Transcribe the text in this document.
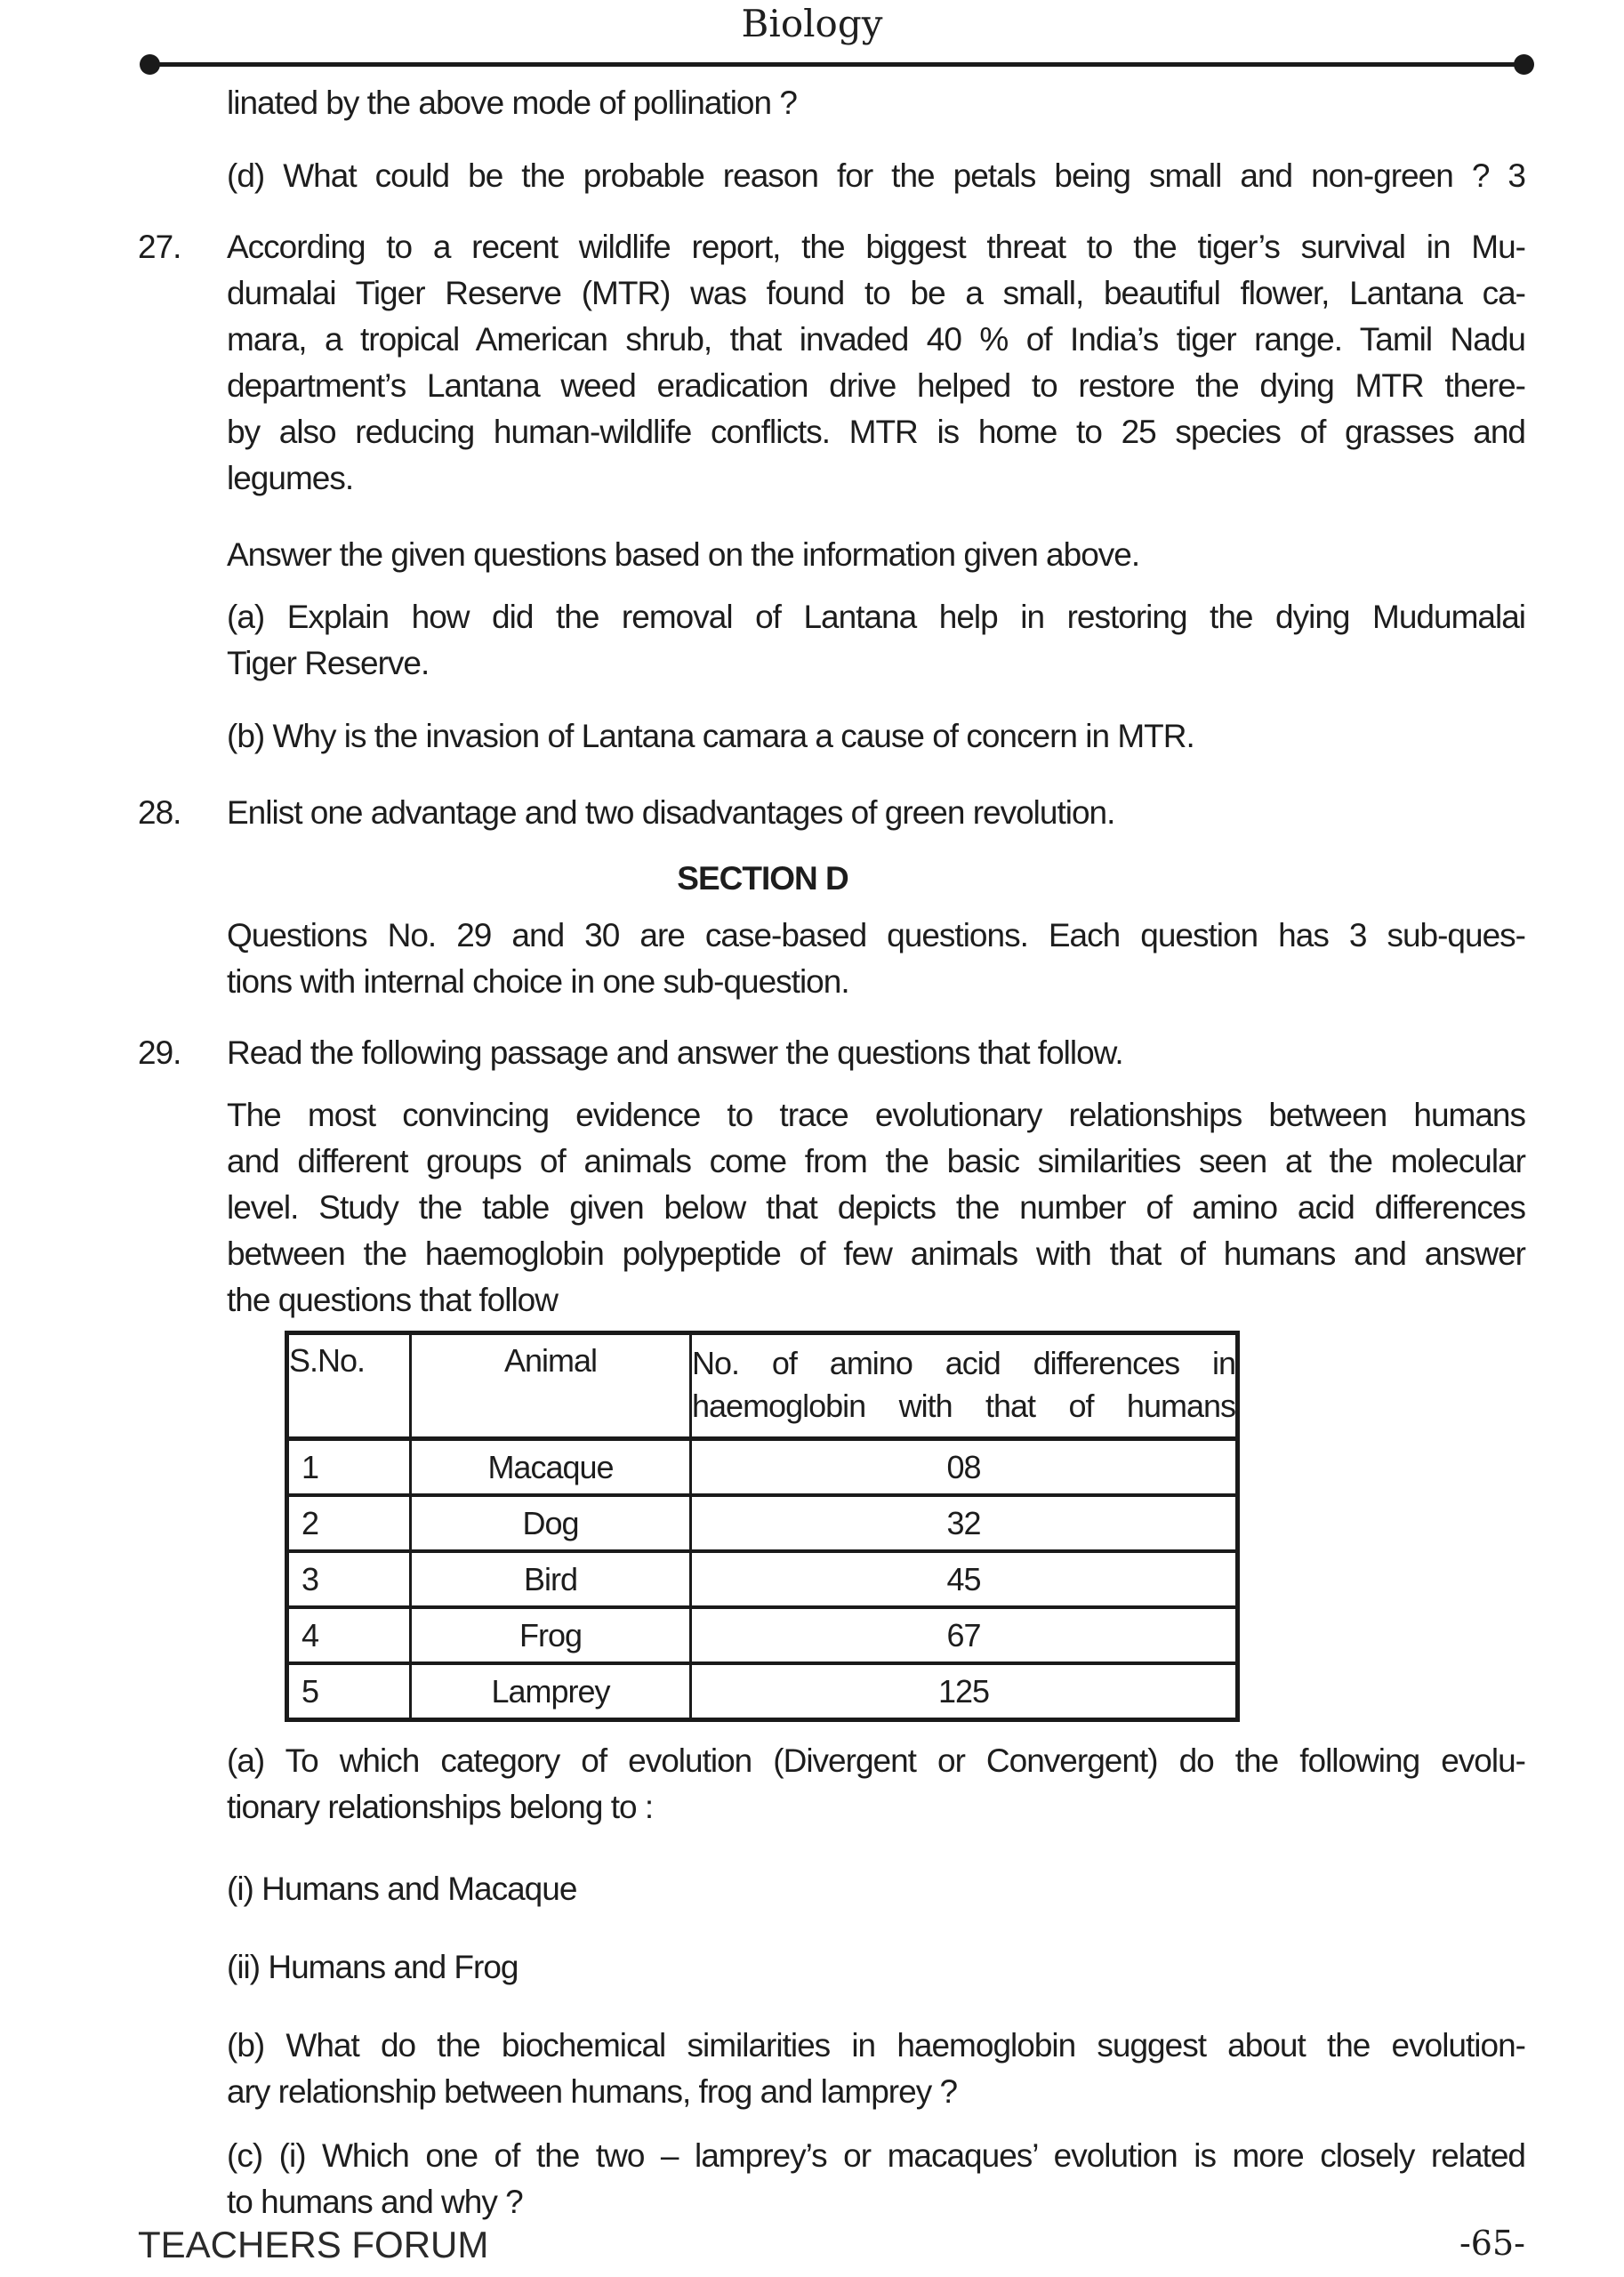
Biology
linated by the above mode of pollination ?
(d) What could be the probable reason for the petals being small and non-green ? 3
27. According to a recent wildlife report, the biggest threat to the tiger’s survival in Mu-
dumalai Tiger Reserve (MTR) was found to be a small, beautiful flower, Lantana ca-
mara, a tropical American shrub, that invaded 40 % of India’s tiger range. Tamil Nadu
department’s Lantana weed eradication drive helped to restore the dying MTR there-
by also reducing human-wildlife conflicts. MTR is home to 25 species of grasses and
legumes.
Answer the given questions based on the information given above.
(a) Explain how did the removal of Lantana help in restoring the dying Mudumalai
Tiger Reserve.
(b) Why is the invasion of Lantana camara a cause of concern in MTR.
28. Enlist one advantage and two disadvantages of green revolution.
SECTION D
Questions No. 29 and 30 are case-based questions. Each question has 3 sub-ques-
tions with internal choice in one sub-question.
29. Read the following passage and answer the questions that follow.
The most convincing evidence to trace evolutionary relationships between humans
and different groups of animals come from the basic similarities seen at the molecular
level. Study the table given below that depicts the number of amino acid differences
between the haemoglobin polypeptide of few animals with that of humans and answer
the questions that follow
S.No.	Animal	No. of amino acid differences in
haemoglobin with that of humans

1	Macaque	08
2	Dog	32
3	Bird	45
4	Frog	67
5	Lamprey	125
(a) To which category of evolution (Divergent or Convergent) do the following evolu-
tionary relationships belong to :
(i) Humans and Macaque
(ii) Humans and Frog
(b) What do the biochemical similarities in haemoglobin suggest about the evolution-
ary relationship between humans, frog and lamprey ?
(c) (i) Which one of the two – lamprey’s or macaques’ evolution is more closely related
to humans and why ?
TEACHERS FORUM	-65-
